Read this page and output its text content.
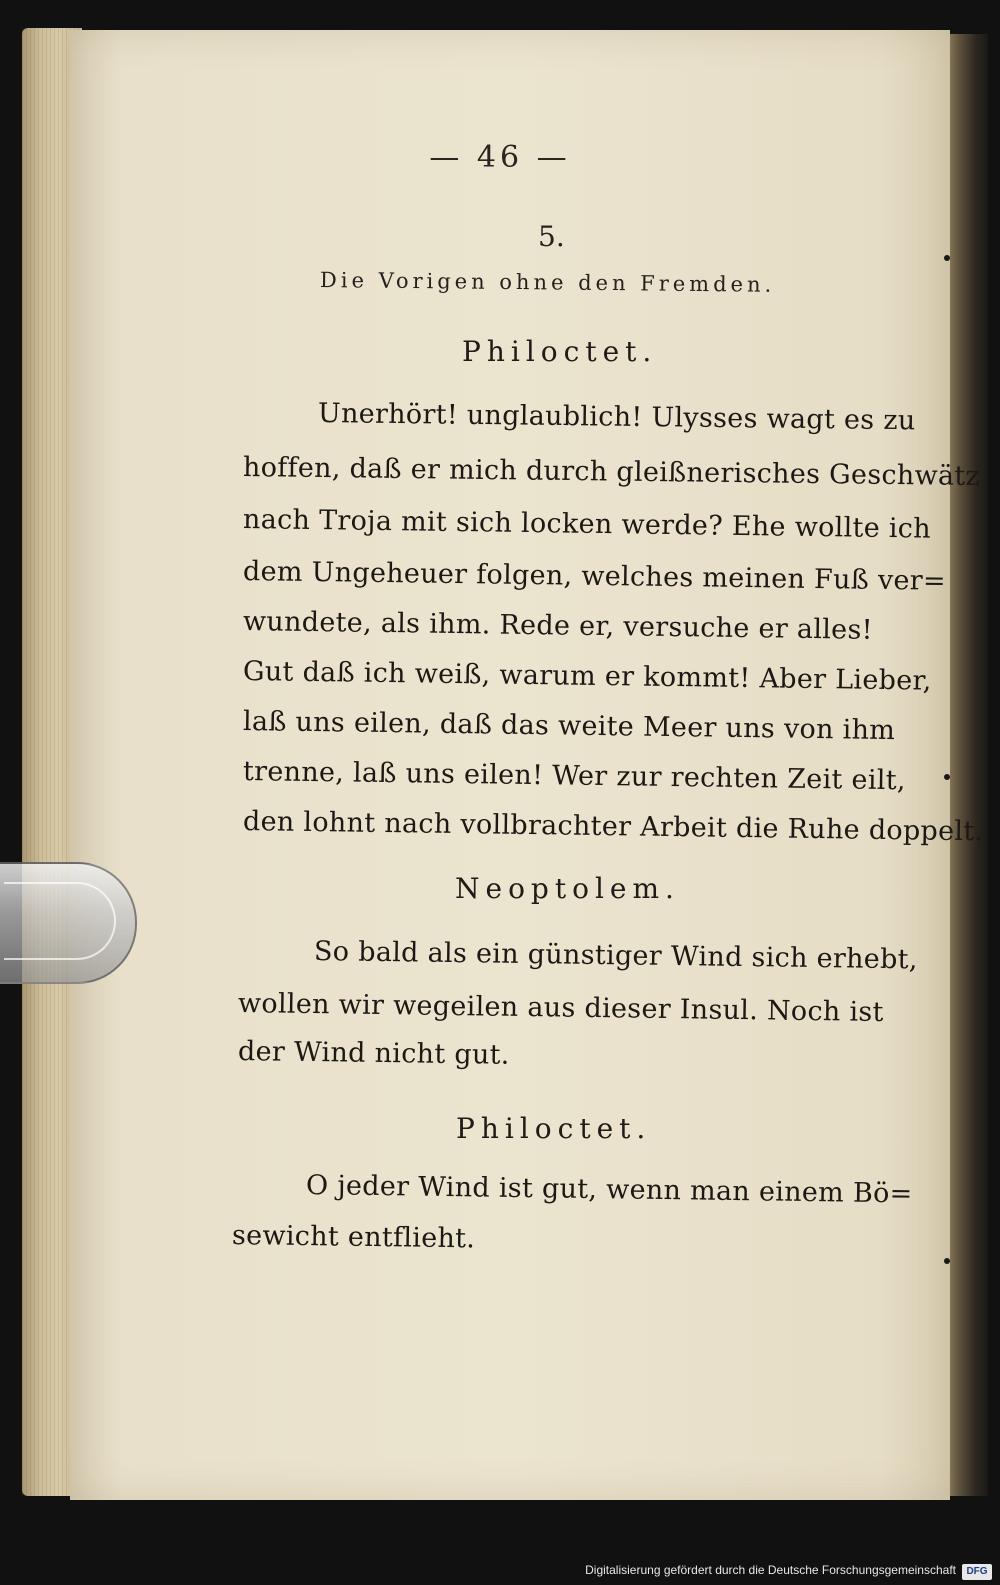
— 46 —
5.
Die Vorigen ohne den Fremden.
Philoctet.
Unerhört! unglaublich! Ulysses wagt es zu
hoffen, daß er mich durch gleißnerisches Geschwätz
nach Troja mit sich locken werde? Ehe wollte ich
dem Ungeheuer folgen, welches meinen Fuß ver=
wundete, als ihm. Rede er, versuche er alles!
Gut daß ich weiß, warum er kommt! Aber Lieber,
laß uns eilen, daß das weite Meer uns von ihm
trenne, laß uns eilen! Wer zur rechten Zeit eilt,
den lohnt nach vollbrachter Arbeit die Ruhe doppelt.
Neoptolem.
So bald als ein günstiger Wind sich erhebt,
wollen wir wegeilen aus dieser Insul. Noch ist
der Wind nicht gut.
Philoctet.
O jeder Wind ist gut, wenn man einem Bö=
sewicht entflieht.
Digitalisierung gefördert durch die Deutsche Forschungsgemeinschaft	DFG
